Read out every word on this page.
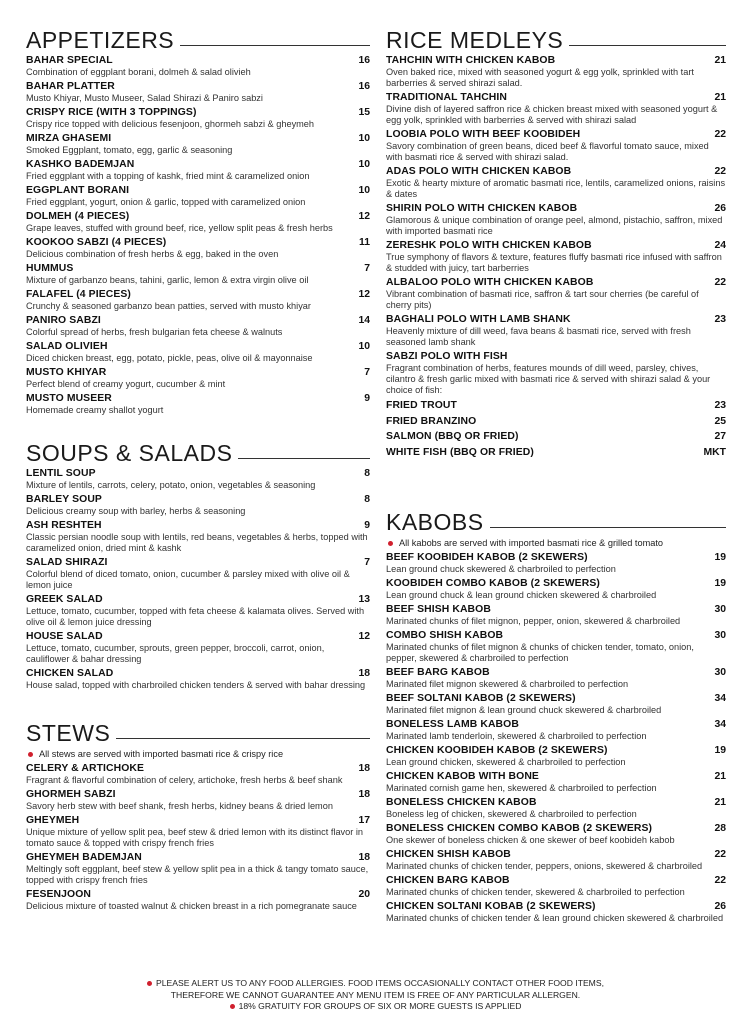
APPETIZERS
BAHAR SPECIAL	16
Combination of eggplant borani, dolmeh & salad olivieh
BAHAR PLATTER	16
Musto Khiyar, Musto Museer, Salad Shirazi & Paniro sabzi
CRISPY RICE (WITH 3 TOPPINGS)	15
Crispy rice topped with delicious fesenjoon, ghormeh sabzi & gheymeh
MIRZA GHASEMI	10
Smoked Eggplant, tomato, egg, garlic & seasoning
KASHKO BADEMJAN	10
Fried eggplant with a topping of kashk, fried mint & caramelized onion
EGGPLANT BORANI	10
Fried eggplant, yogurt, onion & garlic, topped with caramelized onion
DOLMEH (4 PIECES)	12
Grape leaves, stuffed with ground beef, rice, yellow split peas & fresh herbs
KOOKOO SABZI (4 PIECES)	11
Delicious combination of fresh herbs & egg, baked in the oven
HUMMUS	7
Mixture of garbanzo beans, tahini, garlic, lemon & extra virgin olive oil
FALAFEL (4 PIECES)	12
Crunchy & seasoned garbanzo bean patties, served with musto khiyar
PANIRO SABZI	14
Colorful spread of herbs, fresh bulgarian feta cheese & walnuts
SALAD OLIVIEH	10
Diced chicken breast, egg, potato, pickle, peas, olive oil & mayonnaise
MUSTO KHIYAR	7
Perfect blend of creamy yogurt, cucumber & mint
MUSTO MUSEER	9
Homemade creamy shallot yogurt
SOUPS & SALADS
LENTIL SOUP	8
Mixture of lentils, carrots, celery, potato, onion, vegetables & seasoning
BARLEY SOUP	8
Delicious creamy soup with barley, herbs & seasoning
ASH RESHTEH	9
Classic persian noodle soup with lentils, red beans, vegetables & herbs, topped with caramelized onion, dried mint & kashk
SALAD SHIRAZI	7
Colorful blend of diced tomato, onion, cucumber & parsley mixed with olive oil & lemon juice
GREEK SALAD	13
Lettuce, tomato, cucumber, topped with feta cheese & kalamata olives. Served with olive oil & lemon juice dressing
HOUSE SALAD	12
Lettuce, tomato, cucumber, sprouts, green pepper, broccoli, carrot, onion, cauliflower & bahar dressing
CHICKEN SALAD	18
House salad, topped with charbroiled chicken tenders & served with bahar dressing
STEWS
All stews are served with imported basmati rice & crispy rice
CELERY & ARTICHOKE	18
Fragrant & flavorful combination of celery, artichoke, fresh herbs & beef shank
GHORMEH SABZI	18
Savory herb stew with beef shank, fresh herbs, kidney beans & dried lemon
GHEYMEH	17
Unique mixture of yellow split pea, beef stew & dried lemon with its distinct flavor in tomato sauce & topped with crispy french fries
GHEYMEH BADEMJAN	18
Meltingly soft eggplant, beef stew & yellow split pea in a thick & tangy tomato sauce, topped with crispy french fries
FESENJOON	20
Delicious mixture of toasted walnut & chicken breast in a rich pomegranate sauce
RICE MEDLEYS
TAHCHIN WITH CHICKEN KABOB	21
Oven baked rice, mixed with seasoned yogurt & egg yolk, sprinkled with tart barberries & served shirazi salad.
TRADITIONAL TAHCHIN	21
Divine dish of layered saffron rice & chicken breast mixed with seasoned yogurt & egg yolk, sprinkled with barberries & served with shirazi salad
LOOBIA POLO WITH BEEF KOOBIDEH	22
Savory combination of green beans, diced beef & flavorful tomato sauce, mixed with basmati rice & served with shirazi salad.
ADAS POLO WITH CHICKEN KABOB	22
Exotic & hearty mixture of aromatic basmati rice, lentils, caramelized onions, raisins & dates
SHIRIN POLO WITH CHICKEN KABOB	26
Glamorous & unique combination of orange peel, almond, pistachio, saffron, mixed with imported basmati rice
ZERESHK POLO WITH CHICKEN KABOB	24
True symphony of flavors & texture, features fluffy basmati rice infused with saffron & studded with juicy, tart barberries
ALBALOO POLO WITH CHICKEN KABOB	22
Vibrant combination of basmati rice, saffron & tart sour cherries (be careful of cherry pits)
BAGHALI POLO WITH LAMB SHANK	23
Heavenly mixture of dill weed, fava beans & basmati rice, served with fresh seasoned lamb shank
SABZI POLO WITH FISH
Fragrant combination of herbs, features mounds of dill weed, parsley, chives, cilantro & fresh garlic mixed with basmati rice & served with shirazi salad & your choice of fish:
FRIED TROUT	23
FRIED BRANZINO	25
SALMON (BBQ OR FRIED)	27
WHITE FISH (BBQ OR FRIED)	MKT
KABOBS
All kabobs are served with imported basmati rice & grilled tomato
BEEF KOOBIDEH KABOB (2 SKEWERS)	19
Lean ground chuck skewered & charbroiled to perfection
KOOBIDEH COMBO KABOB (2 SKEWERS)	19
Lean ground chuck & lean ground chicken skewered & charbroiled
BEEF SHISH KABOB	30
Marinated chunks of filet mignon, pepper, onion, skewered & charbroiled
COMBO SHISH KABOB	30
Marinated chunks of filet mignon & chunks of chicken tender, tomato, onion, pepper, skewered & charbroiled to perfection
BEEF BARG KABOB	30
Marinated filet mignon skewered & charbroiled to perfection
BEEF SOLTANI KABOB (2 SKEWERS)	34
Marinated filet mignon & lean ground chuck skewered & charbroiled
BONELESS LAMB KABOB	34
Marinated lamb tenderloin, skewered & charbroiled to perfection
CHICKEN KOOBIDEH KABOB (2 SKEWERS)	19
Lean ground chicken, skewered & charbroiled to perfection
CHICKEN KABOB WITH BONE	21
Marinated cornish game hen, skewered & charbroiled to perfection
BONELESS CHICKEN KABOB	21
Boneless leg of chicken, skewered & charbroiled to perfection
BONELESS CHICKEN COMBO KABOB (2 SKEWERS)	28
One skewer of boneless chicken & one skewer of beef koobideh kabob
CHICKEN SHISH KABOB	22
Marinated chunks of chicken tender, peppers, onions, skewered & charbroiled
CHICKEN BARG KABOB	22
Marinated chunks of chicken tender, skewered & charbroiled to perfection
CHICKEN SOLTANI KOBAB (2 SKEWERS)	26
Marinated chunks of chicken tender & lean ground chicken skewered & charbroiled
PLEASE ALERT US TO ANY FOOD ALLERGIES. FOOD ITEMS OCCASIONALLY CONTACT OTHER FOOD ITEMS,
THEREFORE WE CANNOT GUARANTEE ANY MENU ITEM IS FREE OF ANY PARTICULAR ALLERGEN.
18% GRATUITY FOR GROUPS OF SIX OR MORE GUESTS IS APPLIED
